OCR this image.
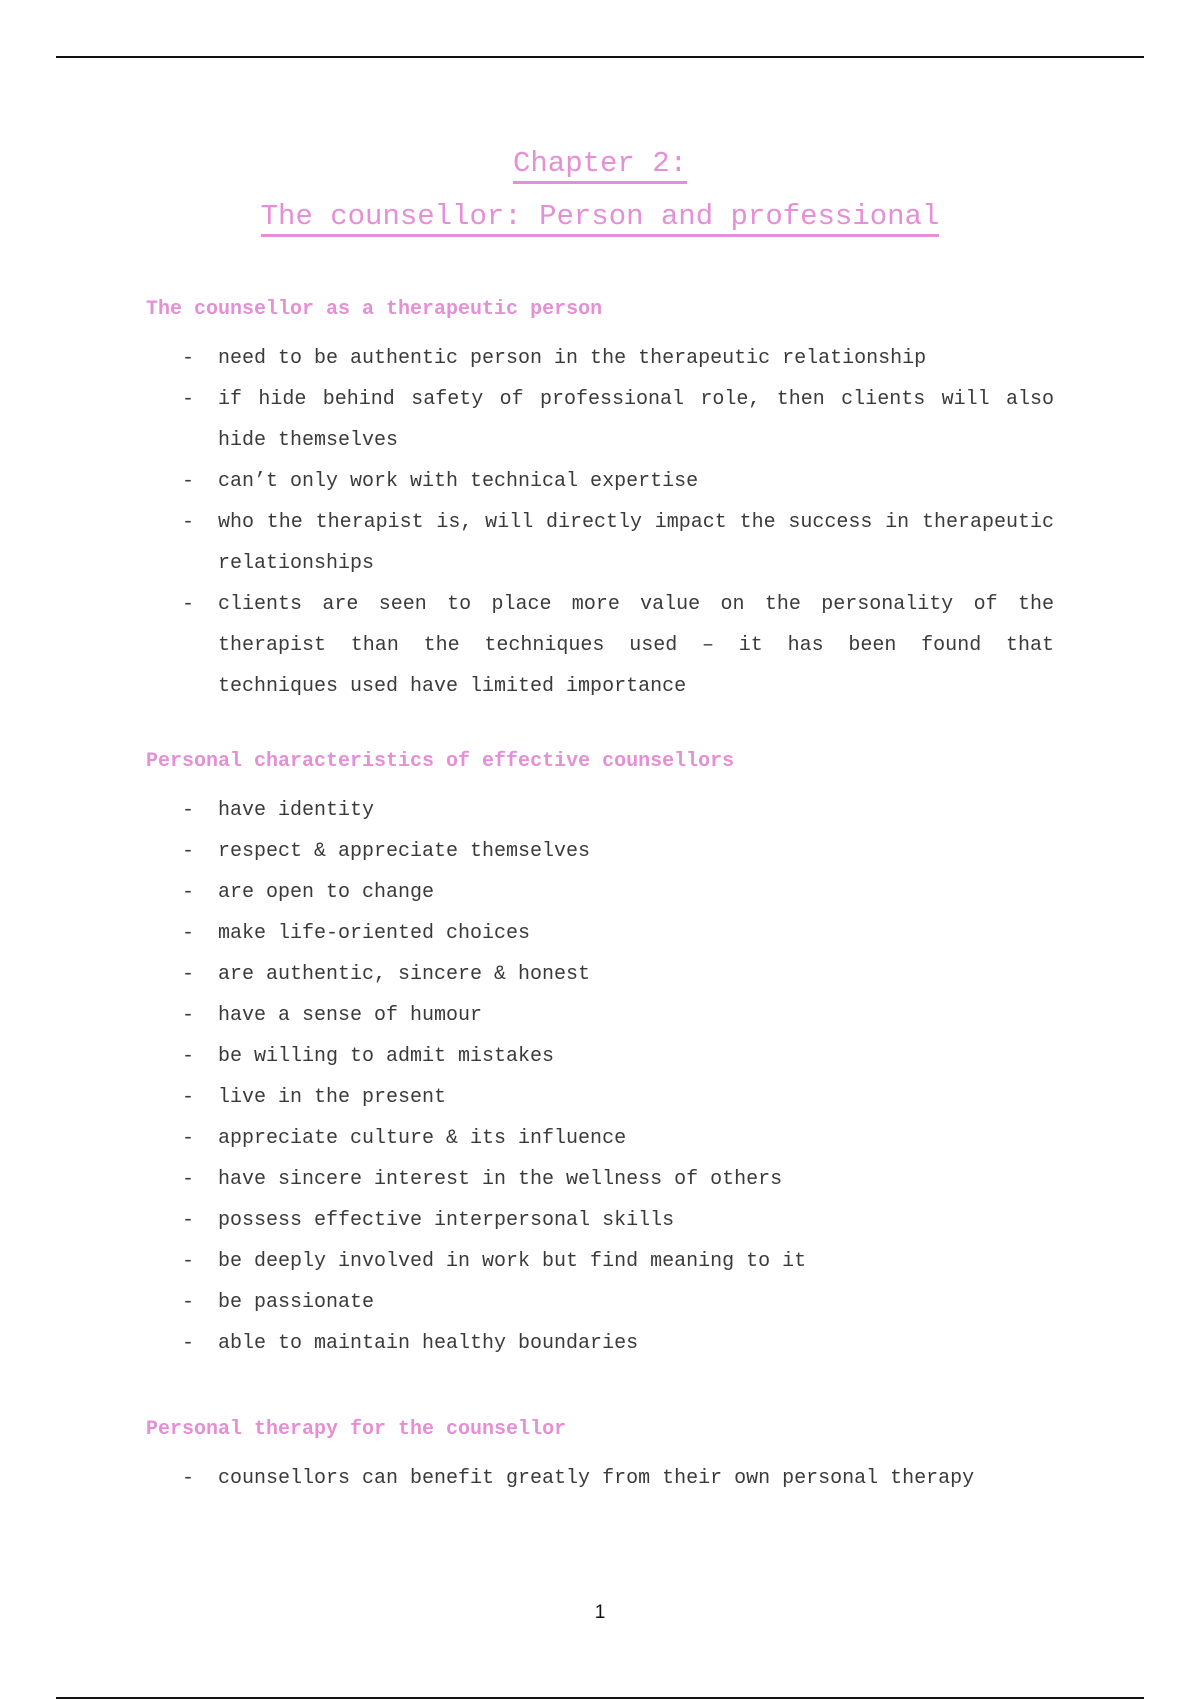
Chapter 2:
The counsellor: Person and professional
The counsellor as a therapeutic person
- need to be authentic person in the therapeutic relationship
- if hide behind safety of professional role, then clients will also hide themselves
- can’t only work with technical expertise
- who the therapist is, will directly impact the success in therapeutic relationships
- clients are seen to place more value on the personality of the therapist than the techniques used – it has been found that techniques used have limited importance
Personal characteristics of effective counsellors
- have identity
- respect & appreciate themselves
- are open to change
- make life-oriented choices
- are authentic, sincere & honest
- have a sense of humour
- be willing to admit mistakes
- live in the present
- appreciate culture & its influence
- have sincere interest in the wellness of others
- possess effective interpersonal skills
- be deeply involved in work but find meaning to it
- be passionate
- able to maintain healthy boundaries
Personal therapy for the counsellor
- counsellors can benefit greatly from their own personal therapy
1
